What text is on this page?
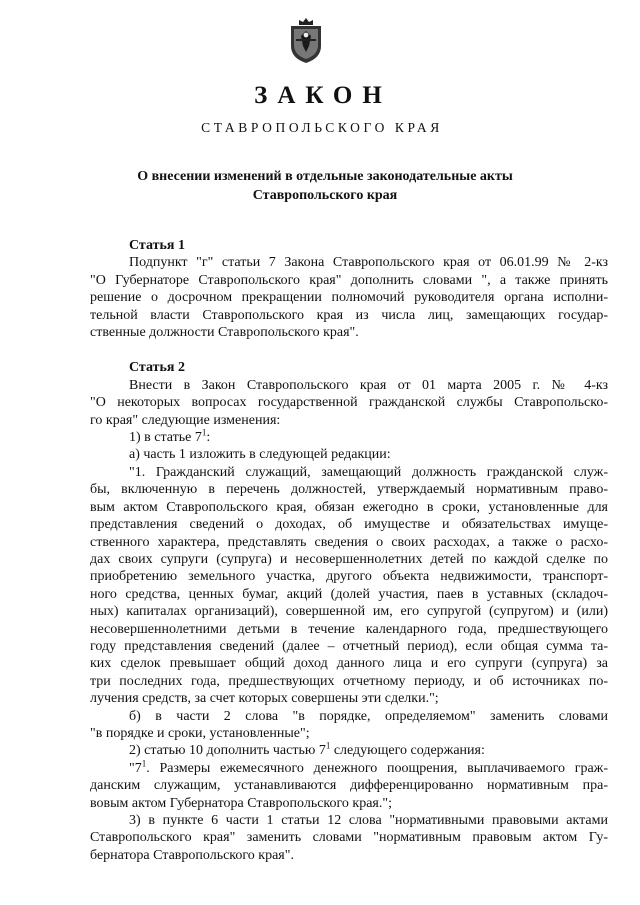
ЗАКОН
СТАВРОПОЛЬСКОГО КРАЯ
О внесении изменений в отдельные законодательные акты
Ставропольского края

Статья 1

Подпункт "г" статьи 7 Закона Ставропольского края от 06.01.99 № 2-кз
"О Губернаторе Ставропольского края" дополнить словами ", а также принять
решение о досрочном прекращении полномочий руководителя органа исполни-
тельной власти Ставропольского края из числа лиц, замещающих государ-
ственные должности Ставропольского края".

Статья 2

Внести в Закон Ставропольского края от 01 марта 2005 г. № 4-кз
"О некоторых вопросах государственной гражданской службы Ставропольско-
го края" следующие изменения:
1) в статье $7^1$:
а) часть 1 изложить в следующей редакции:
"1. Гражданский служащий, замещающий должность гражданской служ-
бы, включенную в перечень должностей, утверждаемый нормативным право-
вым актом Ставропольского края, обязан ежегодно в сроки, установленные для
представления сведений о доходах, об имуществе и обязательствах имуще-
ственного характера, представлять сведения о своих расходах, а также о расхо-
дах своих супруги (супруга) и несовершеннолетних детей по каждой сделке по
приобретению земельного участка, другого объекта недвижимости, транспорт-
ного средства, ценных бумаг, акций (долей участия, паев в уставных (складоч-
ных) капиталах организаций), совершенной им, его супругой (супругом) и (или)
несовершеннолетними детьми в течение календарного года, предшествующего
году представления сведений (далее – отчетный период), если общая сумма та-
ких сделок превышает общий доход данного лица и его супруги (супруга) за
три последних года, предшествующих отчетному периоду, и об источниках по-
лучения средств, за счет которых совершены эти сделки.";
б) в части 2 слова "в порядке, определяемом" заменить словами
"в порядке и сроки, установленные";
2) статью 10 дополнить частью $7^1$ следующего содержания:
"$7^1$. Размеры ежемесячного денежного поощрения, выплачиваемого граж-
данским служащим, устанавливаются дифференцированно нормативным пра-
вовым актом Губернатора Ставропольского края.";
3) в пункте 6 части 1 статьи 12 слова "нормативными правовыми актами
Ставропольского края" заменить словами "нормативным правовым актом Гу-
бернатора Ставропольского края".
